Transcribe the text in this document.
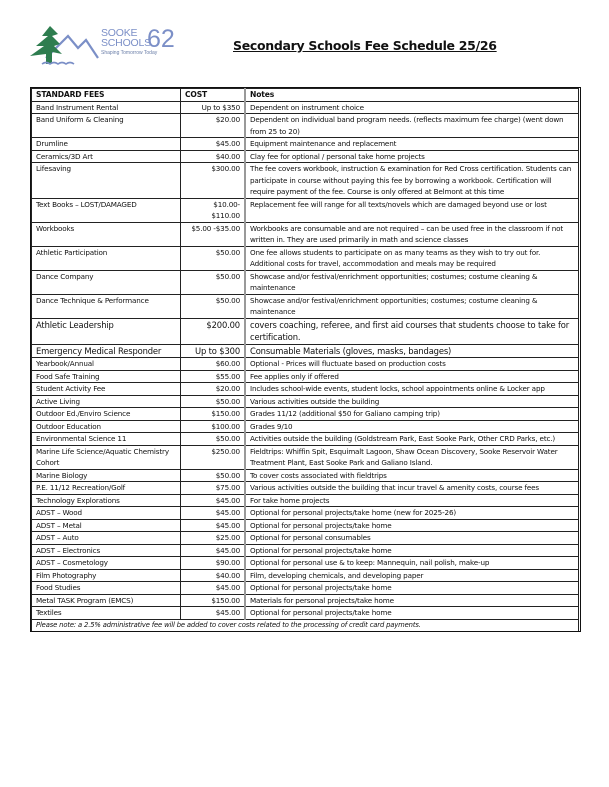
SOOKE
SCHOOLS
62
Shaping Tomorrow Today	Secondary Schools Fee Schedule 25/26
STANDARD FEES	COST	Notes
Band Instrument Rental	Up to $350	Dependent on instrument choice
Band Uniform & Cleaning	$20.00	Dependent on individual band program needs. (reflects maximum fee charge) (went down from 25 to 20)
Drumline	$45.00	Equipment maintenance and replacement
Ceramics/3D Art	$40.00	Clay fee for optional / personal take home projects
Lifesaving	$300.00	The fee covers workbook, instruction & examination for Red Cross certification. Students can participate in course without paying this fee by borrowing a workbook. Certification will require payment of the fee. Course is only offered at Belmont at this time
Text Books – LOST/DAMAGED	$10.00- $110.00	Replacement fee will range for all texts/novels which are damaged beyond use or lost
Workbooks	$5.00 -$35.00	Workbooks are consumable and are not required – can be used free in the classroom if not written in. They are used primarily in math and science classes
Athletic Participation	$50.00	One fee allows students to participate on as many teams as they wish to try out for. Additional costs for travel, accommodation and meals may be required
Dance Company	$50.00	Showcase and/or festival/enrichment opportunities; costumes; costume cleaning & maintenance
Dance Technique & Performance	$50.00	Showcase and/or festival/enrichment opportunities; costumes; costume cleaning & maintenance
Athletic Leadership	$200.00	covers coaching, referee, and first aid courses that students choose to take for certification.
Emergency Medical Responder	Up to $300	Consumable Materials (gloves, masks, bandages)
Yearbook/Annual	$60.00	Optional - Prices will fluctuate based on production costs
Food Safe Training	$55.00	Fee applies only if offered
Student Activity Fee	$20.00	Includes school-wide events, student locks, school appointments online & Locker app
Active Living	$50.00	Various activities outside the building
Outdoor Ed./Enviro Science	$150.00	Grades 11/12 (additional $50 for Galiano camping trip)
Outdoor Education	$100.00	Grades 9/10
Environmental Science 11	$50.00	Activities outside the building (Goldstream Park, East Sooke Park, Other CRD Parks, etc.)
Marine Life Science/Aquatic Chemistry Cohort	$250.00	Fieldtrips: Whiffin Spit, Esquimalt Lagoon, Shaw Ocean Discovery, Sooke Reservoir Water Treatment Plant, East Sooke Park and Galiano Island.
Marine Biology	$50.00	To cover costs associated with fieldtrips
P.E. 11/12 Recreation/Golf	$75.00	Various activities outside the building that incur travel & amenity costs, course fees
Technology Explorations	$45.00	For take home projects
ADST – Wood	$45.00	Optional for personal projects/take home (new for 2025-26)
ADST – Metal	$45.00	Optional for personal projects/take home
ADST – Auto	$25.00	Optional for personal consumables
ADST – Electronics	$45.00	Optional for personal projects/take home
ADST – Cosmetology	$90.00	Optional for personal use & to keep: Mannequin, nail polish, make-up
Film Photography	$40.00	Film, developing chemicals, and developing paper
Food Studies	$45.00	Optional for personal projects/take home
Metal TASK Program (EMCS)	$150.00	Materials for personal projects/take home
Textiles	$45.00	Optional for personal projects/take home
Please note: a 2.5% administrative fee will be added to cover costs related to the processing of credit card payments.		
